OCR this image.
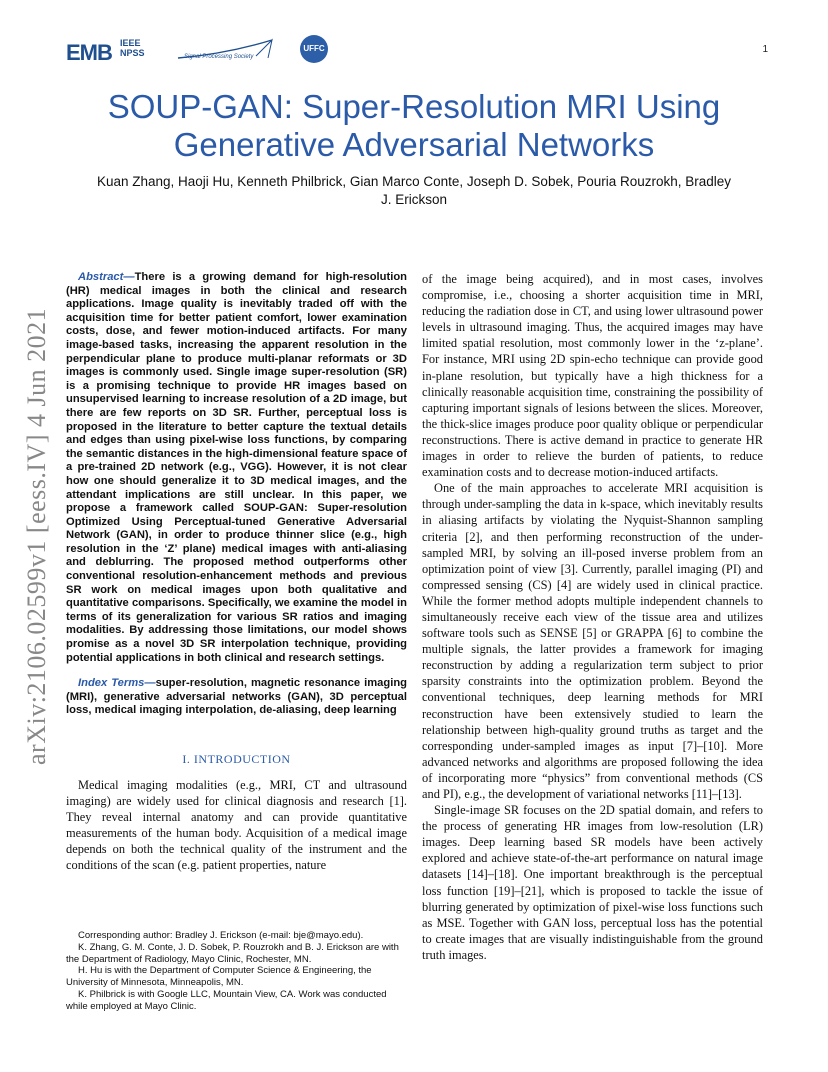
EMB IEEE
NPSS	Signal Processing Society
UFFC	1
SOUP-GAN: Super-Resolution MRI Using
Generative Adversarial Networks
Kuan Zhang, Haoji Hu, Kenneth Philbrick, Gian Marco Conte, Joseph D. Sobek, Pouria Rouzrokh, Bradley
J. Erickson
arXiv:2106.02599v1 [eess.IV] 4 Jun 2021

Abstract—There is a growing demand for high-resolution (HR) medical images in both the clinical and research applications. Image quality is inevitably traded off with the acquisition time for better patient comfort, lower examination costs, dose, and fewer motion-induced artifacts. For many image-based tasks, increasing the apparent resolution in the perpendicular plane to produce multi-planar reformats or 3D images is commonly used. Single image super-resolution (SR) is a promising technique to provide HR images based on unsupervised learning to increase resolution of a 2D image, but there are few reports on 3D SR. Further, perceptual loss is proposed in the literature to better capture the textual details and edges than using pixel-wise loss functions, by comparing the semantic distances in the high-dimensional feature space of a pre-trained 2D network (e.g., VGG). However, it is not clear how one should generalize it to 3D medical images, and the attendant implications are still unclear. In this paper, we propose a framework called SOUP-GAN: Super-resolution Optimized Using Perceptual-tuned Generative Adversarial Network (GAN), in order to produce thinner slice (e.g., high resolution in the ‘Z’ plane) medical images with anti-aliasing and deblurring. The proposed method outperforms other conventional resolution-enhancement methods and previous SR work on medical images upon both qualitative and quantitative comparisons. Specifically, we examine the model in terms of its generalization for various SR ratios and imaging modalities. By addressing those limitations, our model shows promise as a novel 3D SR interpolation technique, providing potential applications in both clinical and research settings.

Index Terms—super-resolution, magnetic resonance imaging (MRI), generative adversarial networks (GAN), 3D perceptual loss, medical imaging interpolation, de-aliasing, deep learning

I. INTRODUCTION

Medical imaging modalities (e.g., MRI, CT and ultrasound imaging) are widely used for clinical diagnosis and research [1]. They reveal internal anatomy and can provide quantitative measurements of the human body. Acquisition of a medical image depends on both the technical quality of the instrument and the conditions of the scan (e.g. patient properties, nature

Corresponding author: Bradley J. Erickson (e-mail: bje@mayo.edu).

K. Zhang, G. M. Conte, J. D. Sobek, P. Rouzrokh and B. J. Erickson are with the Department of Radiology, Mayo Clinic, Rochester, MN.

H. Hu is with the Department of Computer Science & Engineering, the University of Minnesota, Minneapolis, MN.

K. Philbrick is with Google LLC, Mountain View, CA. Work was conducted while employed at Mayo Clinic.

of the image being acquired), and in most cases, involves compromise, i.e., choosing a shorter acquisition time in MRI, reducing the radiation dose in CT, and using lower ultrasound power levels in ultrasound imaging. Thus, the acquired images may have limited spatial resolution, most commonly lower in the ‘z-plane’. For instance, MRI using 2D spin-echo technique can provide good in-plane resolution, but typically have a high thickness for a clinically reasonable acquisition time, constraining the possibility of capturing important signals of lesions between the slices. Moreover, the thick-slice images produce poor quality oblique or perpendicular reconstructions. There is active demand in practice to generate HR images in order to relieve the burden of patients, to reduce examination costs and to decrease motion-induced artifacts.

One of the main approaches to accelerate MRI acquisition is through under-sampling the data in k-space, which inevitably results in aliasing artifacts by violating the Nyquist-Shannon sampling criteria [2], and then performing reconstruction of the under-sampled MRI, by solving an ill-posed inverse problem from an optimization point of view [3]. Currently, parallel imaging (PI) and compressed sensing (CS) [4] are widely used in clinical practice. While the former method adopts multiple independent channels to simultaneously receive each view of the tissue area and utilizes software tools such as SENSE [5] or GRAPPA [6] to combine the multiple signals, the latter provides a framework for imaging reconstruction by adding a regularization term subject to prior sparsity constraints into the optimization problem. Beyond the conventional techniques, deep learning methods for MRI reconstruction have been extensively studied to learn the relationship between high-quality ground truths as target and the corresponding under-sampled images as input [7]–[10]. More advanced networks and algorithms are proposed following the idea of incorporating more “physics” from conventional methods (CS and PI), e.g., the development of variational networks [11]–[13].

Single-image SR focuses on the 2D spatial domain, and refers to the process of generating HR images from low-resolution (LR) images. Deep learning based SR models have been actively explored and achieve state-of-the-art performance on natural image datasets [14]–[18]. One important breakthrough is the perceptual loss function [19]–[21], which is proposed to tackle the issue of blurring generated by optimization of pixel-wise loss functions such as MSE. Together with GAN loss, perceptual loss has the potential to create images that are visually indistinguishable from the ground truth images.
